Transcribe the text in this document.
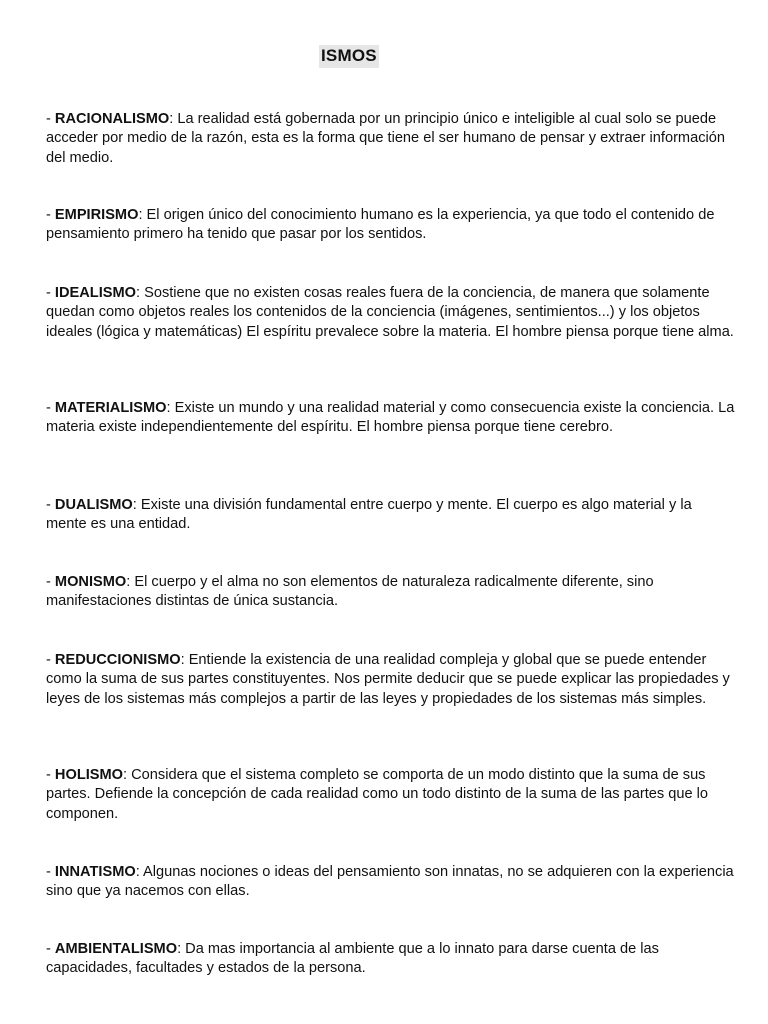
ISMOS

- RACIONALISMO: La realidad está gobernada por un principio único e inteligible al cual solo se puede acceder por medio de la razón, esta es la forma que tiene el ser humano de pensar y extraer información del medio.

- EMPIRISMO: El origen único del conocimiento humano es la experiencia, ya que todo el contenido de pensamiento primero ha tenido que pasar por los sentidos.

- IDEALISMO: Sostiene que no existen cosas reales fuera de la conciencia, de manera que solamente quedan como objetos reales los contenidos de la conciencia (imágenes, sentimientos...) y los objetos ideales (lógica y matemáticas) El espíritu prevalece sobre la materia. El hombre piensa porque tiene alma.

- MATERIALISMO: Existe un mundo y una realidad material y como consecuencia existe la conciencia. La materia existe independientemente del espíritu. El hombre piensa porque tiene cerebro.

- DUALISMO: Existe una división fundamental entre cuerpo y mente. El cuerpo es algo material y la mente es una entidad.

- MONISMO: El cuerpo y el alma no son elementos de naturaleza radicalmente diferente, sino manifestaciones distintas de única sustancia.

- REDUCCIONISMO: Entiende la existencia de una realidad compleja y global que se puede entender como la suma de sus partes constituyentes. Nos permite deducir que se puede explicar las propiedades y leyes de los sistemas más complejos a partir de las leyes y propiedades de los sistemas más simples.

- HOLISMO: Considera que el sistema completo se comporta de un modo distinto que la suma de sus partes. Defiende la concepción de cada realidad como un todo distinto de la suma de las partes que lo componen.

- INNATISMO: Algunas nociones o ideas del pensamiento son innatas, no se adquieren con la experiencia sino que ya nacemos con ellas.

- AMBIENTALISMO: Da mas importancia al ambiente que a lo innato para darse cuenta de las capacidades, facultades y estados de la persona.
